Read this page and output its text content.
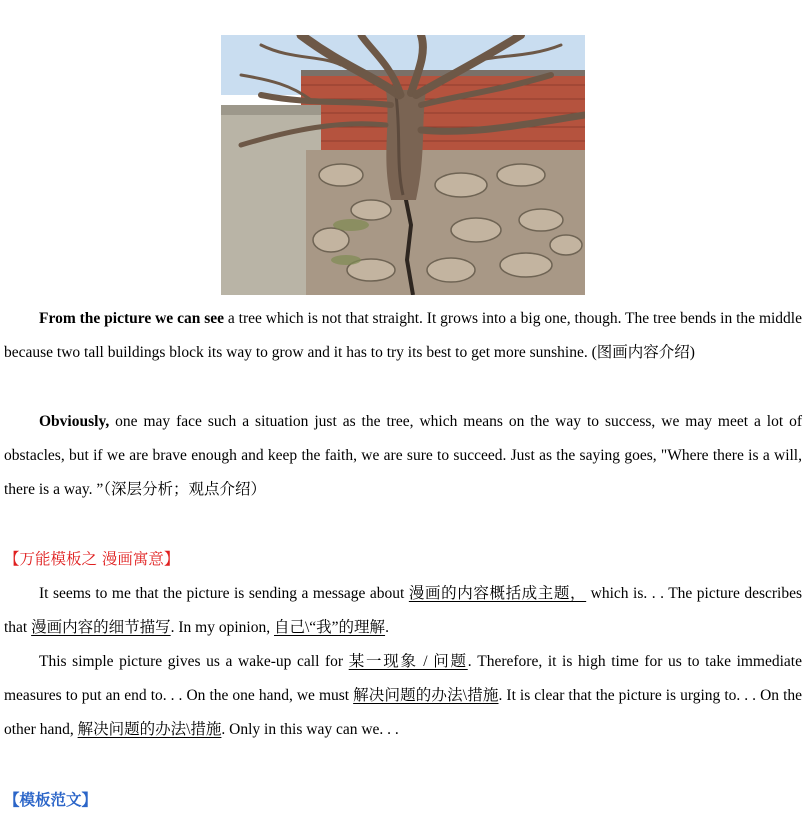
From the picture we can see a tree which is not that straight. It grows into a big one, though. The tree bends in the middle because two tall buildings block its way to grow and it has to try its best to get more sunshine. (图画内容介绍)
Obviously, one may face such a situation just as the tree, which means on the way to success, we may meet a lot of obstacles, but if we are brave enough and keep the faith, we are sure to succeed. Just as the saying goes, "Where there is a will, there is a way. ”（深层分析；观点介绍）
【万能模板之 漫画寓意】
It seems to me that the picture is sending a message about 漫画的内容概括成主题， which is. . . The picture describes that 漫画内容的细节描写. In my opinion, 自己\“我”的理解.
This simple picture gives us a wake-up call for 某一现象 / 问题. Therefore, it is high time for us to take immediate measures to put an end to. . . On the one hand, we must 解决问题的办法\措施. It is clear that the picture is urging to. . . On the other hand, 解决问题的办法\措施. Only in this way can we. . .
【模板范文】
